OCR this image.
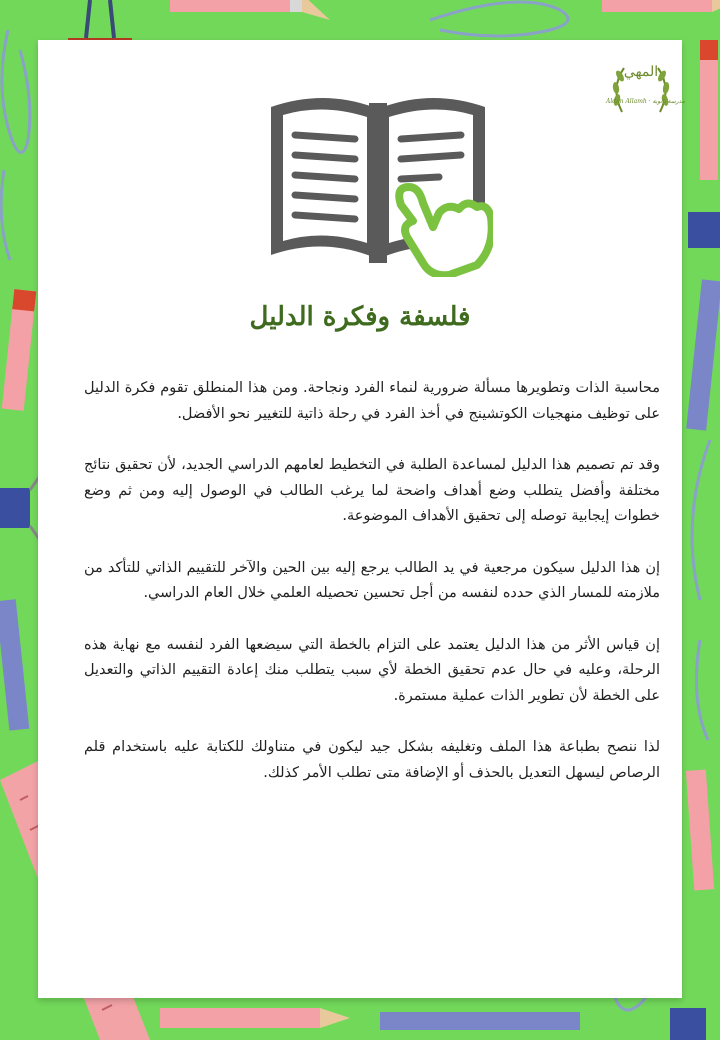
المهي
Aldan Allamh · مدرسة ثانوية
فلسفة وفكرة الدليل

محاسبة الذات وتطويرها مسألة ضرورية لنماء الفرد ونجاحة. ومن هذا المنطلق تقوم فكرة الدليل على توظيف منهجيات الكوتشينج في أخذ الفرد في رحلة ذاتية للتغيير نحو الأفضل.

وقد تم تصميم هذا الدليل لمساعدة الطلبة في التخطيط لعامهم الدراسي الجديد، لأن تحقيق نتائج مختلفة وأفضل يتطلب وضع أهداف واضحة لما يرغب الطالب في الوصول إليه ومن ثم وضع خطوات إيجابية توصله إلى تحقيق الأهداف الموضوعة.

إن هذا الدليل سيكون مرجعية في يد الطالب يرجع إليه بين الحين والآخر للتقييم الذاتي للتأكد من ملازمته للمسار الذي حدده لنفسه من أجل تحسين تحصيله العلمي خلال العام الدراسي.

إن قياس الأثر من هذا الدليل يعتمد على التزام بالخطة التي سيضعها الفرد لنفسه مع نهاية هذه الرحلة، وعليه في حال عدم تحقيق الخطة لأي سبب يتطلب منك إعادة التقييم الذاتي والتعديل على الخطة لأن تطوير الذات عملية مستمرة.

لذا ننصح بطباعة هذا الملف وتغليفه بشكل جيد ليكون في متناولك للكتابة عليه باستخدام قلم الرصاص ليسهل التعديل بالحذف أو الإضافة متى تطلب الأمر كذلك.
